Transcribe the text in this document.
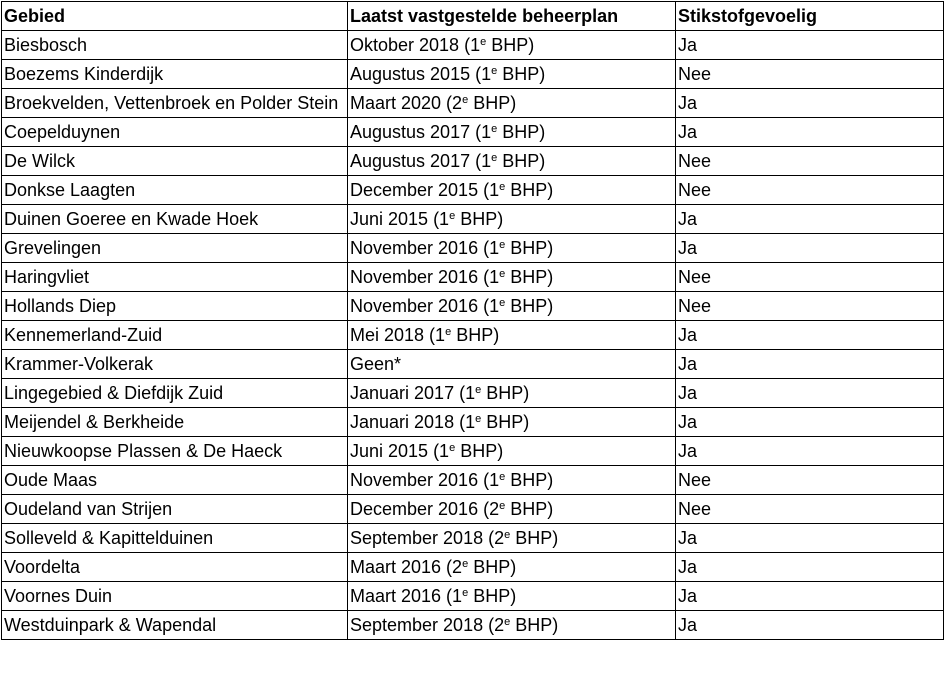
Gebied	Laatst vastgestelde beheerplan	Stikstofgevoelig
Biesbosch	Oktober 2018 (1e BHP)	Ja
Boezems Kinderdijk	Augustus 2015 (1e BHP)	Nee
Broekvelden, Vettenbroek en Polder Stein	Maart 2020 (2e BHP)	Ja
Coepelduynen	Augustus 2017 (1e BHP)	Ja
De Wilck	Augustus 2017 (1e BHP)	Nee
Donkse Laagten	December 2015 (1e BHP)	Nee
Duinen Goeree en Kwade Hoek	Juni 2015 (1e BHP)	Ja
Grevelingen	November 2016 (1e BHP)	Ja
Haringvliet	November 2016 (1e BHP)	Nee
Hollands Diep	November 2016 (1e BHP)	Nee
Kennemerland-Zuid	Mei 2018 (1e BHP)	Ja
Krammer-Volkerak	Geen*	Ja
Lingegebied & Diefdijk Zuid	Januari 2017 (1e BHP)	Ja
Meijendel & Berkheide	Januari 2018 (1e BHP)	Ja
Nieuwkoopse Plassen & De Haeck	Juni 2015 (1e BHP)	Ja
Oude Maas	November 2016 (1e BHP)	Nee
Oudeland van Strijen	December 2016 (2e BHP)	Nee
Solleveld & Kapittelduinen	September 2018 (2e BHP)	Ja
Voordelta	Maart 2016 (2e BHP)	Ja
Voornes Duin	Maart 2016 (1e BHP)	Ja
Westduinpark & Wapendal	September 2018 (2e BHP)	Ja
